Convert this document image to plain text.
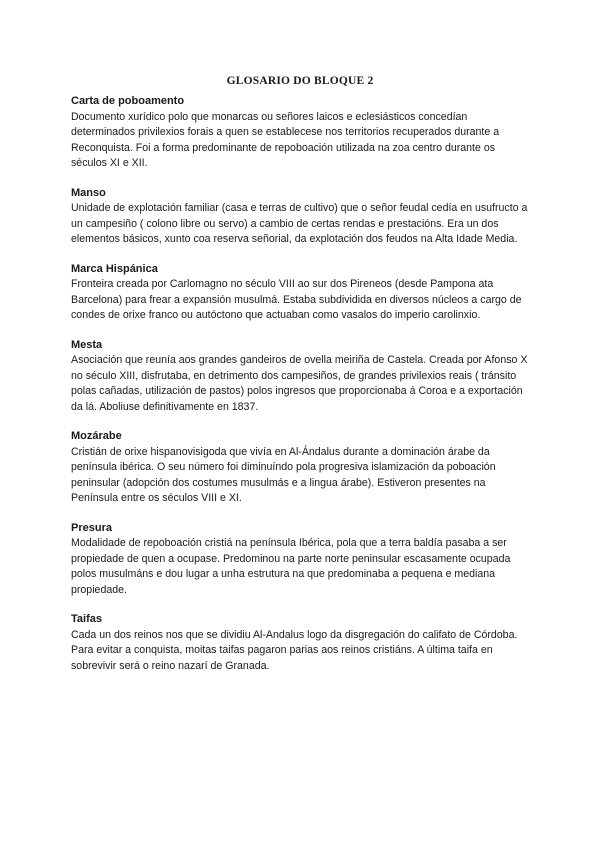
GLOSARIO DO BLOQUE 2

Carta de poboamento

Documento xurídico polo que monarcas ou señores laicos e eclesiásticos concedían determinados privilexios forais a quen se establecese nos territorios recuperados durante a Reconquista. Foi a forma predominante de repoboación utilizada na zoa centro durante os séculos XI e XII.

Manso

Unidade de explotación familiar (casa e terras de cultivo) que o señor feudal cedía en usufructo a un campesiño ( colono libre ou servo) a cambio de certas rendas e prestacións. Era un dos elementos básicos, xunto coa reserva señorial, da explotación dos feudos na Alta Idade Media.

Marca Hispánica

Fronteira creada por Carlomagno no século VIII ao sur dos Pireneos (desde Pampona ata Barcelona) para frear a expansión musulmá. Estaba subdividida en diversos núcleos a cargo de condes de orixe franco ou autóctono que actuaban como vasalos do imperio carolinxio.

Mesta

Asociación que reunía aos grandes gandeiros de ovella meiriña de Castela. Creada por Afonso X no século XIII, disfrutaba, en detrimento dos campesiños, de grandes privilexios reais ( tránsito polas cañadas, utilización de pastos) polos ingresos que proporcionaba á Coroa e a exportación da lá. Aboliuse definitivamente en 1837.

Mozárabe

Cristián de orixe hispanovisigoda que vivía en Al-Ándalus durante a dominación árabe da península ibérica. O seu número foi diminuíndo pola progresiva islamización da poboación peninsular (adopción dos costumes musulmás e a lingua árabe). Estiveron presentes na Península entre os séculos VIII e XI.

Presura

Modalidade de repoboación cristiá na península Ibérica, pola que a terra baldía pasaba a ser propiedade de quen a ocupase. Predominou na parte norte peninsular escasamente ocupada polos musulmáns e dou lugar a unha estrutura na que predominaba a pequena e mediana propiedade.

Taifas

Cada un dos reinos nos que se dividiu Al-Andalus logo da disgregación do califato de Córdoba. Para evitar a conquista, moitas taifas pagaron parias aos reinos cristiáns. A última taifa en sobrevivir será o reino nazarí de Granada.
